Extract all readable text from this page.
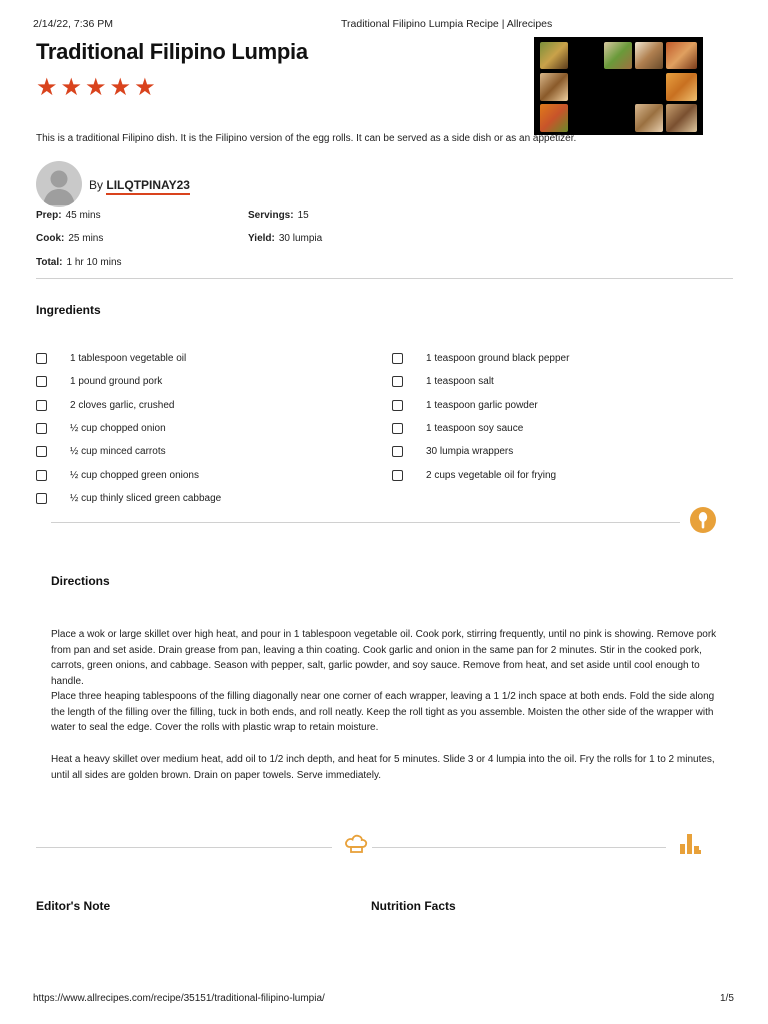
2/14/22, 7:36 PM	Traditional Filipino Lumpia Recipe | Allrecipes
Traditional Filipino Lumpia
★ ★ ★ ★ ★
This is a traditional Filipino dish. It is the Filipino version of the egg rolls. It can be served as a side dish or as an appetizer.
By LILQTPINAY23
Prep: 45 mins
Cook: 25 mins
Total: 1 hr 10 mins
Servings: 15
Yield: 30 lumpia
Ingredients
1 tablespoon vegetable oil
1 pound ground pork
2 cloves garlic, crushed
½ cup chopped onion
½ cup minced carrots
½ cup chopped green onions
½ cup thinly sliced green cabbage
1 teaspoon ground black pepper
1 teaspoon salt
1 teaspoon garlic powder
1 teaspoon soy sauce
30 lumpia wrappers
2 cups vegetable oil for frying
Directions
Place a wok or large skillet over high heat, and pour in 1 tablespoon vegetable oil. Cook pork, stirring frequently, until no pink is showing. Remove pork from pan and set aside. Drain grease from pan, leaving a thin coating. Cook garlic and onion in the same pan for 2 minutes. Stir in the cooked pork, carrots, green onions, and cabbage. Season with pepper, salt, garlic powder, and soy sauce. Remove from heat, and set aside until cool enough to handle.
Place three heaping tablespoons of the filling diagonally near one corner of each wrapper, leaving a 1 1/2 inch space at both ends. Fold the side along the length of the filling over the filling, tuck in both ends, and roll neatly. Keep the roll tight as you assemble. Moisten the other side of the wrapper with water to seal the edge. Cover the rolls with plastic wrap to retain moisture.
Heat a heavy skillet over medium heat, add oil to 1/2 inch depth, and heat for 5 minutes. Slide 3 or 4 lumpia into the oil. Fry the rolls for 1 to 2 minutes, until all sides are golden brown. Drain on paper towels. Serve immediately.
Editor's Note	Nutrition Facts
https://www.allrecipes.com/recipe/35151/traditional-filipino-lumpia/	1/5
